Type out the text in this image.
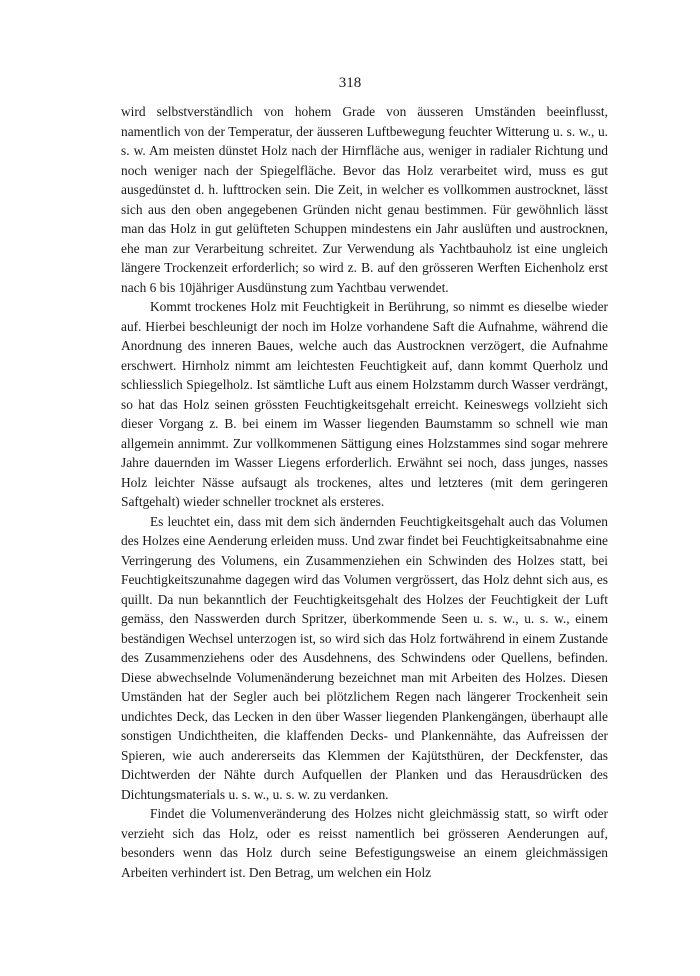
318

wird selbstverständlich von hohem Grade von äusseren Umständen beeinflusst, namentlich von der Temperatur, der äusseren Luftbewegung feuchter Witterung u. s. w., u. s. w. Am meisten dünstet Holz nach der Hirnfläche aus, weniger in radialer Richtung und noch weniger nach der Spiegelfläche. Bevor das Holz verarbeitet wird, muss es gut ausgedünstet d. h. lufttrocken sein. Die Zeit, in welcher es vollkommen austrocknet, lässt sich aus den oben angegebenen Gründen nicht genau bestimmen. Für gewöhnlich lässt man das Holz in gut gelüfteten Schuppen mindestens ein Jahr auslüften und austrocknen, ehe man zur Verarbeitung schreitet. Zur Verwendung als Yachtbauholz ist eine ungleich längere Trockenzeit erforderlich; so wird z. B. auf den grösseren Werften Eichenholz erst nach 6 bis 10jähriger Ausdünstung zum Yachtbau verwendet.

Kommt trockenes Holz mit Feuchtigkeit in Berührung, so nimmt es dieselbe wieder auf. Hierbei beschleunigt der noch im Holze vorhandene Saft die Aufnahme, während die Anordnung des inneren Baues, welche auch das Austrocknen verzögert, die Aufnahme erschwert. Hirnholz nimmt am leichtesten Feuchtigkeit auf, dann kommt Querholz und schliesslich Spiegelholz. Ist sämtliche Luft aus einem Holzstamm durch Wasser verdrängt, so hat das Holz seinen grössten Feuchtigkeitsgehalt erreicht. Keineswegs vollzieht sich dieser Vorgang z. B. bei einem im Wasser liegenden Baumstamm so schnell wie man allgemein annimmt. Zur vollkommenen Sättigung eines Holzstammes sind sogar mehrere Jahre dauernden im Wasser Liegens erforderlich. Erwähnt sei noch, dass junges, nasses Holz leichter Nässe aufsaugt als trockenes, altes und letzteres (mit dem geringeren Saftgehalt) wieder schneller trocknet als ersteres.

Es leuchtet ein, dass mit dem sich ändernden Feuchtigkeitsgehalt auch das Volumen des Holzes eine Aenderung erleiden muss. Und zwar findet bei Feuchtigkeitsabnahme eine Verringerung des Volumens, ein Zusammenziehen ein Schwinden des Holzes statt, bei Feuchtigkeitszunahme dagegen wird das Volumen vergrössert, das Holz dehnt sich aus, es quillt. Da nun bekanntlich der Feuchtigkeitsgehalt des Holzes der Feuchtigkeit der Luft gemäss, den Nasswerden durch Spritzer, überkommende Seen u. s. w., u. s. w., einem beständigen Wechsel unterzogen ist, so wird sich das Holz fortwährend in einem Zustande des Zusammenziehens oder des Ausdehnens, des Schwindens oder Quellens, befinden. Diese abwechselnde Volumenänderung bezeichnet man mit Arbeiten des Holzes. Diesen Umständen hat der Segler auch bei plötzlichem Regen nach längerer Trockenheit sein undichtes Deck, das Lecken in den über Wasser liegenden Plankengängen, überhaupt alle sonstigen Undichtheiten, die klaffenden Decks- und Plankennähte, das Aufreissen der Spieren, wie auch andererseits das Klemmen der Kajütsthüren, der Deckfenster, das Dichtwerden der Nähte durch Aufquellen der Planken und das Herausdrücken des Dichtungsmaterials u. s. w., u. s. w. zu verdanken.

Findet die Volumenveränderung des Holzes nicht gleichmässig statt, so wirft oder verzieht sich das Holz, oder es reisst namentlich bei grösseren Aenderungen auf, besonders wenn das Holz durch seine Befestigungsweise an einem gleichmässigen Arbeiten verhindert ist. Den Betrag, um welchen ein Holz
